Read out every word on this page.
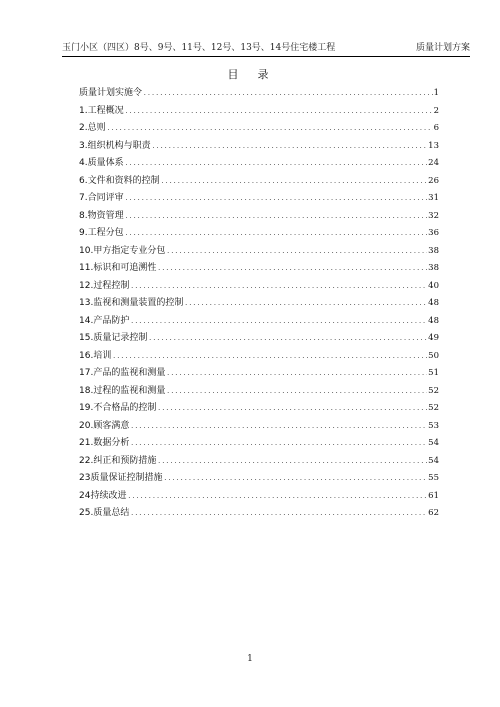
玉门小区（四区）8号、9号、11号、12号、13号、14号住宅楼工程	质量计划方案
目　录
质量计划实施令 .....	1
1.工程概况 .....	2
2.总则 .....	6
3.组织机构与职责 .....	13
4.质量体系 .....	24
6.文件和资料的控制 .....	26
7.合同评审 .....	31
8.物资管理 .....	32
9.工程分包 .....	36
10.甲方指定专业分包 .....	38
11.标识和可追溯性 .....	38
12.过程控制 .....	40
13.监视和测量装置的控制 .....	48
14.产品防护 .....	48
15.质量记录控制 .....	49
16.培训 .....	50
17.产品的监视和测量 .....	51
18.过程的监视和测量 .....	52
19.不合格品的控制 .....	52
20.顾客满意 .....	53
21.数据分析 .....	54
22.纠正和预防措施 .....	54
23质量保证控制措施 .....	55
24持续改进 .....	61
25.质量总结 .....	62
1
